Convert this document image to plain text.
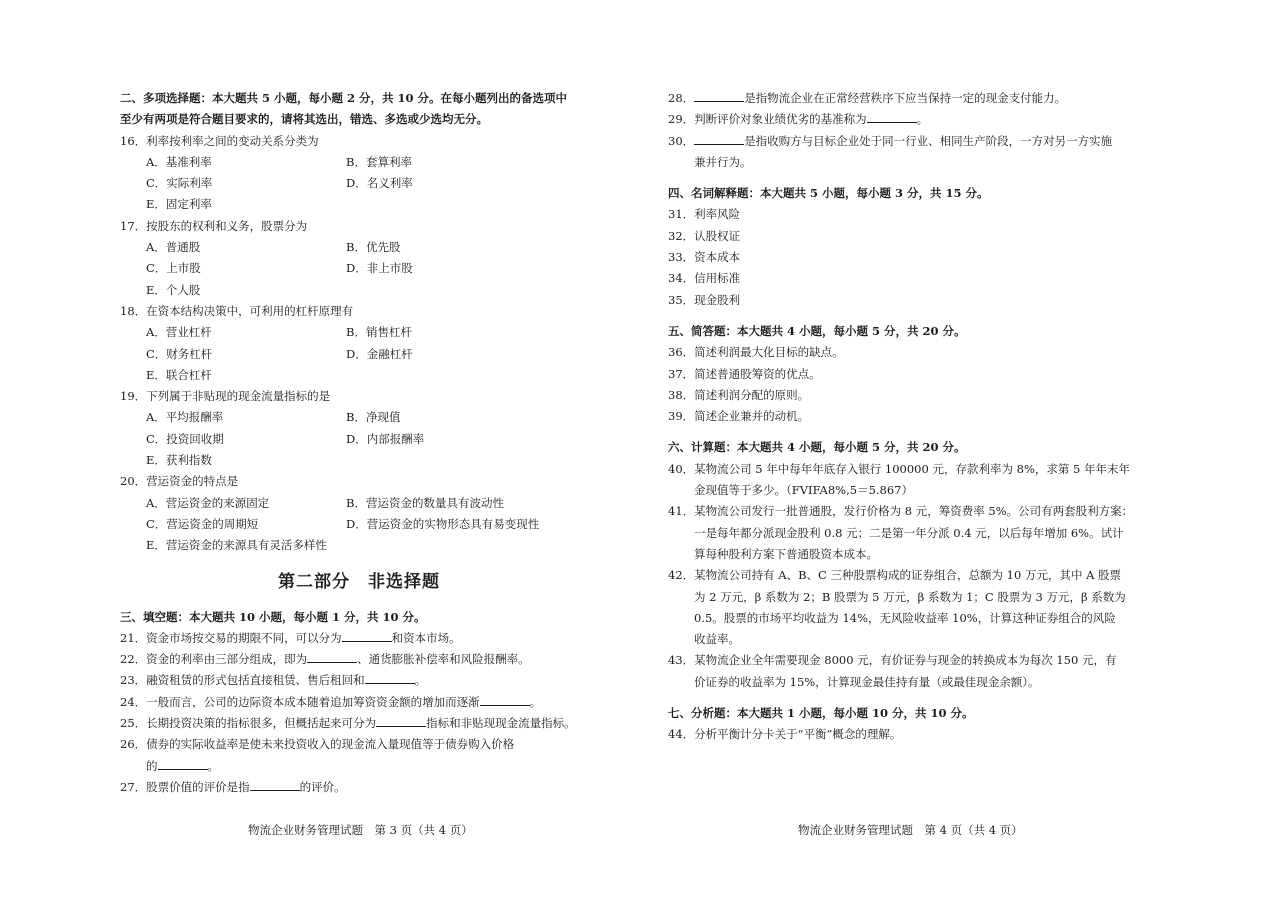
二、多项选择题：本大题共 5 小题，每小题 2 分，共 10 分。在每小题列出的备选项中
至少有两项是符合题目要求的，请将其选出，错选、多选或少选均无分。
16．利率按利率之间的变动关系分类为
A．基准利率	B．套算利率
C．实际利率	D．名义利率
E．固定利率
17．按股东的权利和义务，股票分为
A．普通股	B．优先股
C．上市股	D．非上市股
E．个人股
18．在资本结构决策中，可利用的杠杆原理有
A．营业杠杆	B．销售杠杆
C．财务杠杆	D．金融杠杆
E．联合杠杆
19．下列属于非贴现的现金流量指标的是
A．平均报酬率	B．净现值
C．投资回收期	D．内部报酬率
E．获利指数
20．营运资金的特点是
A．营运资金的来源固定	B．营运资金的数量具有波动性
C．营运资金的周期短	D．营运资金的实物形态具有易变现性
E．营运资金的来源具有灵活多样性
第二部分　非选择题
三、填空题：本大题共 10 小题，每小题 1 分，共 10 分。
21．资金市场按交易的期限不同，可以分为	和资本市场。
22．资金的利率由三部分组成，即为	、通货膨胀补偿率和风险报酬率。
23．融资租赁的形式包括直接租赁、售后租回和	。
24．一般而言，公司的边际资本成本随着追加筹资资金额的增加而逐渐	。
25．长期投资决策的指标很多，但概括起来可分为	指标和非贴现现金流量指标。
26．债券的实际收益率是使未来投资收入的现金流入量现值等于债券购入价格
的	。
27．股票价值的评价是指	的评价。
物流企业财务管理试题　第 3 页（共 4 页）
28．	是指物流企业在正常经营秩序下应当保持一定的现金支付能力。
29．判断评价对象业绩优劣的基准称为	。
30．	是指收购方与目标企业处于同一行业、相同生产阶段，一方对另一方实施
兼并行为。
四、名词解释题：本大题共 5 小题，每小题 3 分，共 15 分。
31．利率风险
32．认股权证
33．资本成本
34．信用标准
35．现金股利
五、简答题：本大题共 4 小题，每小题 5 分，共 20 分。
36．简述利润最大化目标的缺点。
37．简述普通股筹资的优点。
38．简述利润分配的原则。
39．简述企业兼并的动机。
六、计算题：本大题共 4 小题，每小题 5 分，共 20 分。
40．某物流公司 5 年中每年年底存入银行 100000 元，存款利率为 8%，求第 5 年年末年
金现值等于多少。（FVIFA8%,5＝5.867）
41．某物流公司发行一批普通股，发行价格为 8 元，筹资费率 5%。公司有两套股利方案：
一是每年都分派现金股利 0.8 元；二是第一年分派 0.4 元，以后每年增加 6%。试计
算每种股利方案下普通股资本成本。
42．某物流公司持有 A、B、C 三种股票构成的证券组合，总额为 10 万元，其中 A 股票
为 2 万元，β 系数为 2；B 股票为 5 万元，β 系数为 1；C 股票为 3 万元，β 系数为
0.5。股票的市场平均收益为 14%，无风险收益率 10%，计算这种证券组合的风险
收益率。
43．某物流企业全年需要现金 8000 元，有价证券与现金的转换成本为每次 150 元，有
价证券的收益率为 15%，计算现金最佳持有量（或最佳现金余额）。
七、分析题：本大题共 1 小题，每小题 10 分，共 10 分。
44．分析平衡计分卡关于“平衡”概念的理解。
物流企业财务管理试题　第 4 页（共 4 页）
